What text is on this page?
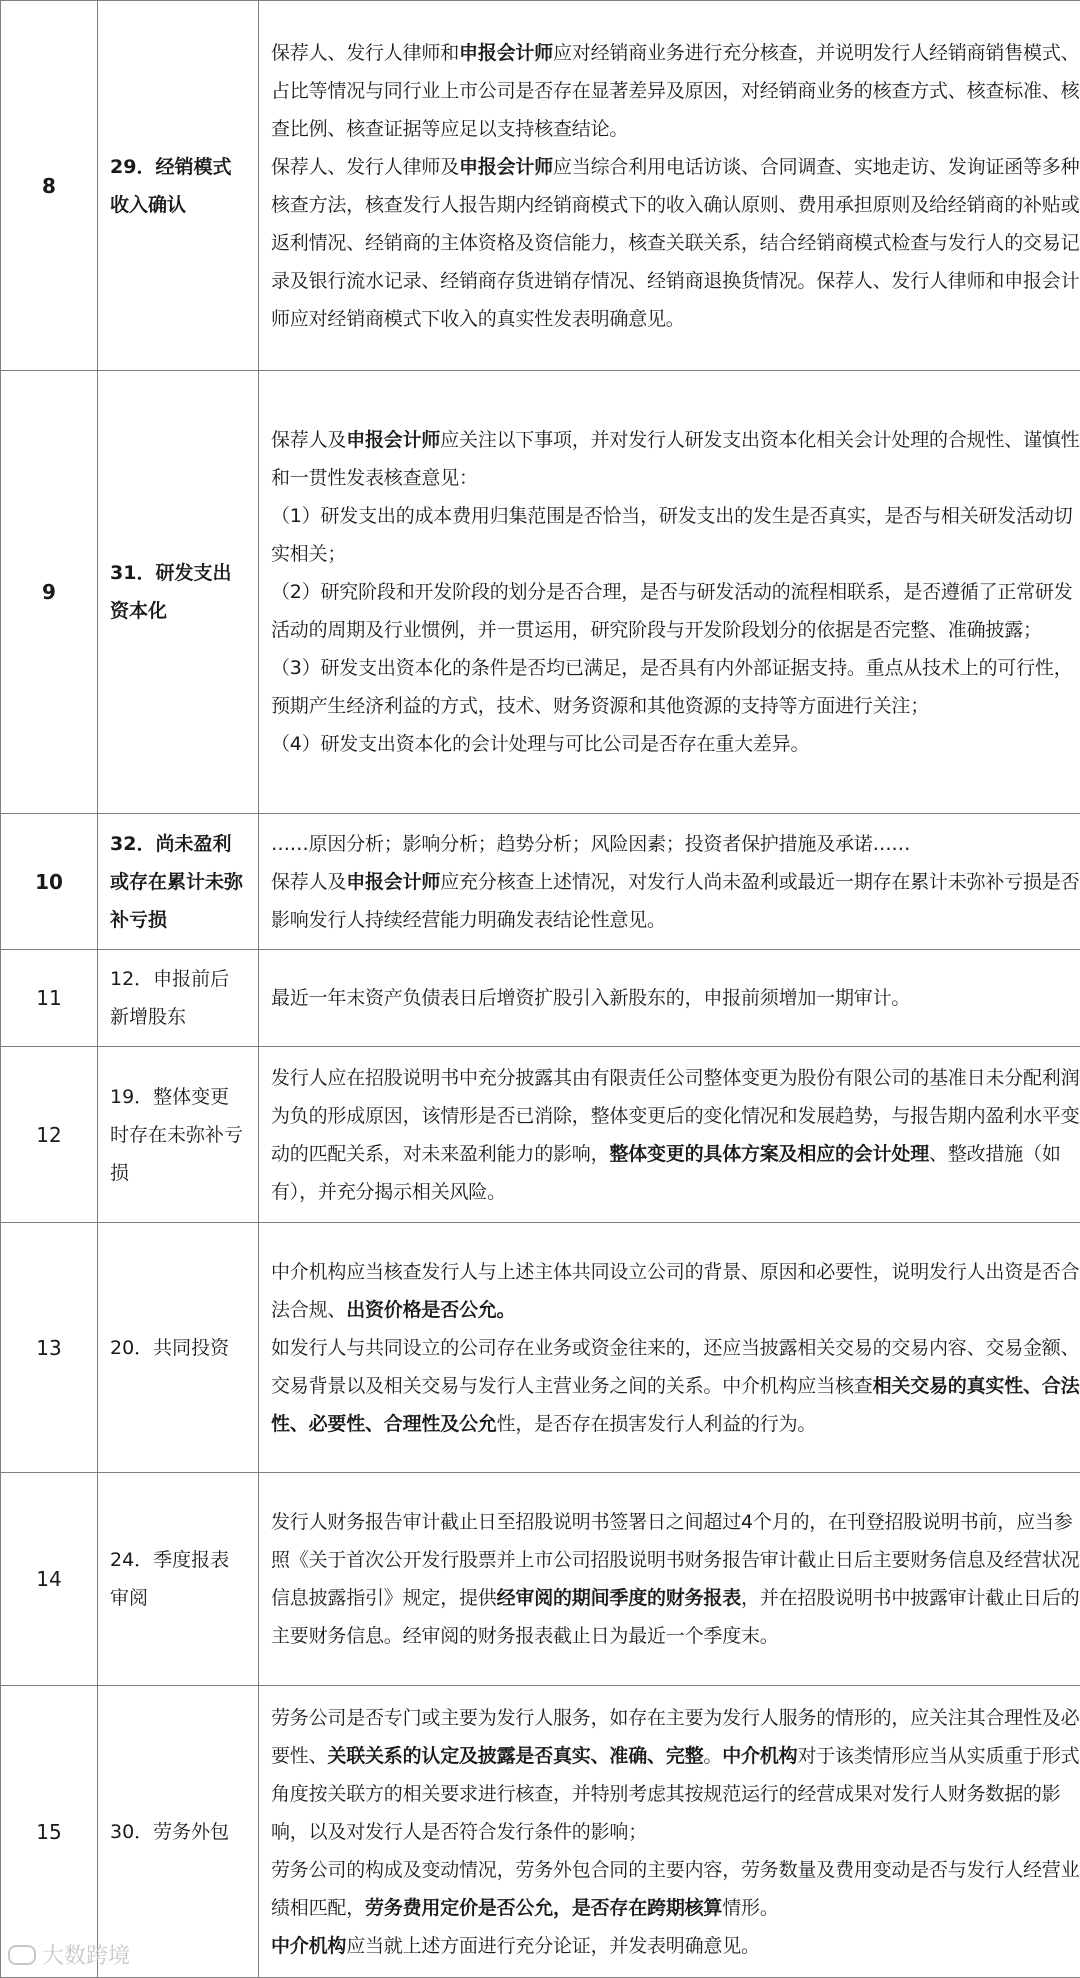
8	29．经销模式收入确认	保荐人、发行人律师和申报会计师应对经销商业务进行充分核查，并说明发行人经销商销售模式、占比等情况与同行业上市公司是否存在显著差异及原因，对经销商业务的核查方式、核查标准、核查比例、核查证据等应足以支持核查结论。
保荐人、发行人律师及申报会计师应当综合利用电话访谈、合同调查、实地走访、发询证函等多种核查方法，核查发行人报告期内经销商模式下的收入确认原则、费用承担原则及给经销商的补贴或返利情况、经销商的主体资格及资信能力，核查关联关系，结合经销商模式检查与发行人的交易记录及银行流水记录、经销商存货进销存情况、经销商退换货情况。保荐人、发行人律师和申报会计师应对经销商模式下收入的真实性发表明确意见。

9	31．研发支出资本化	保荐人及申报会计师应关注以下事项，并对发行人研发支出资本化相关会计处理的合规性、谨慎性和一贯性发表核查意见：
（1）研发支出的成本费用归集范围是否恰当，研发支出的发生是否真实，是否与相关研发活动切实相关；
（2）研究阶段和开发阶段的划分是否合理，是否与研发活动的流程相联系，是否遵循了正常研发活动的周期及行业惯例，并一贯运用，研究阶段与开发阶段划分的依据是否完整、准确披露；
（3）研发支出资本化的条件是否均已满足，是否具有内外部证据支持。重点从技术上的可行性，预期产生经济利益的方式，技术、财务资源和其他资源的支持等方面进行关注；
（4）研发支出资本化的会计处理与可比公司是否存在重大差异。

10	32．尚未盈利或存在累计未弥补亏损	……原因分析；影响分析；趋势分析；风险因素；投资者保护措施及承诺……
保荐人及申报会计师应充分核查上述情况，对发行人尚未盈利或最近一期存在累计未弥补亏损是否影响发行人持续经营能力明确发表结论性意见。

11	12．申报前后新增股东	最近一年末资产负债表日后增资扩股引入新股东的，申报前须增加一期审计。

12	19．整体变更时存在未弥补亏损	发行人应在招股说明书中充分披露其由有限责任公司整体变更为股份有限公司的基准日未分配利润为负的形成原因，该情形是否已消除，整体变更后的变化情况和发展趋势，与报告期内盈利水平变动的匹配关系，对未来盈利能力的影响，整体变更的具体方案及相应的会计处理、整改措施（如有），并充分揭示相关风险。

13	20．共同投资	中介机构应当核查发行人与上述主体共同设立公司的背景、原因和必要性，说明发行人出资是否合法合规、出资价格是否公允。
如发行人与共同设立的公司存在业务或资金往来的，还应当披露相关交易的交易内容、交易金额、交易背景以及相关交易与发行人主营业务之间的关系。中介机构应当核查相关交易的真实性、合法性、必要性、合理性及公允性，是否存在损害发行人利益的行为。

14	24．季度报表审阅	发行人财务报告审计截止日至招股说明书签署日之间超过4个月的，在刊登招股说明书前，应当参照《关于首次公开发行股票并上市公司招股说明书财务报告审计截止日后主要财务信息及经营状况信息披露指引》规定，提供经审阅的期间季度的财务报表，并在招股说明书中披露审计截止日后的主要财务信息。经审阅的财务报表截止日为最近一个季度末。

15	30．劳务外包	劳务公司是否专门或主要为发行人服务，如存在主要为发行人服务的情形的，应关注其合理性及必要性、关联关系的认定及披露是否真实、准确、完整。中介机构对于该类情形应当从实质重于形式角度按关联方的相关要求进行核查，并特别考虑其按规范运行的经营成果对发行人财务数据的影响，以及对发行人是否符合发行条件的影响；
劳务公司的构成及变动情况，劳务外包合同的主要内容，劳务数量及费用变动是否与发行人经营业绩相匹配，劳务费用定价是否公允，是否存在跨期核算情形。
中介机构应当就上述方面进行充分论证，并发表明确意见。
大数跨境
